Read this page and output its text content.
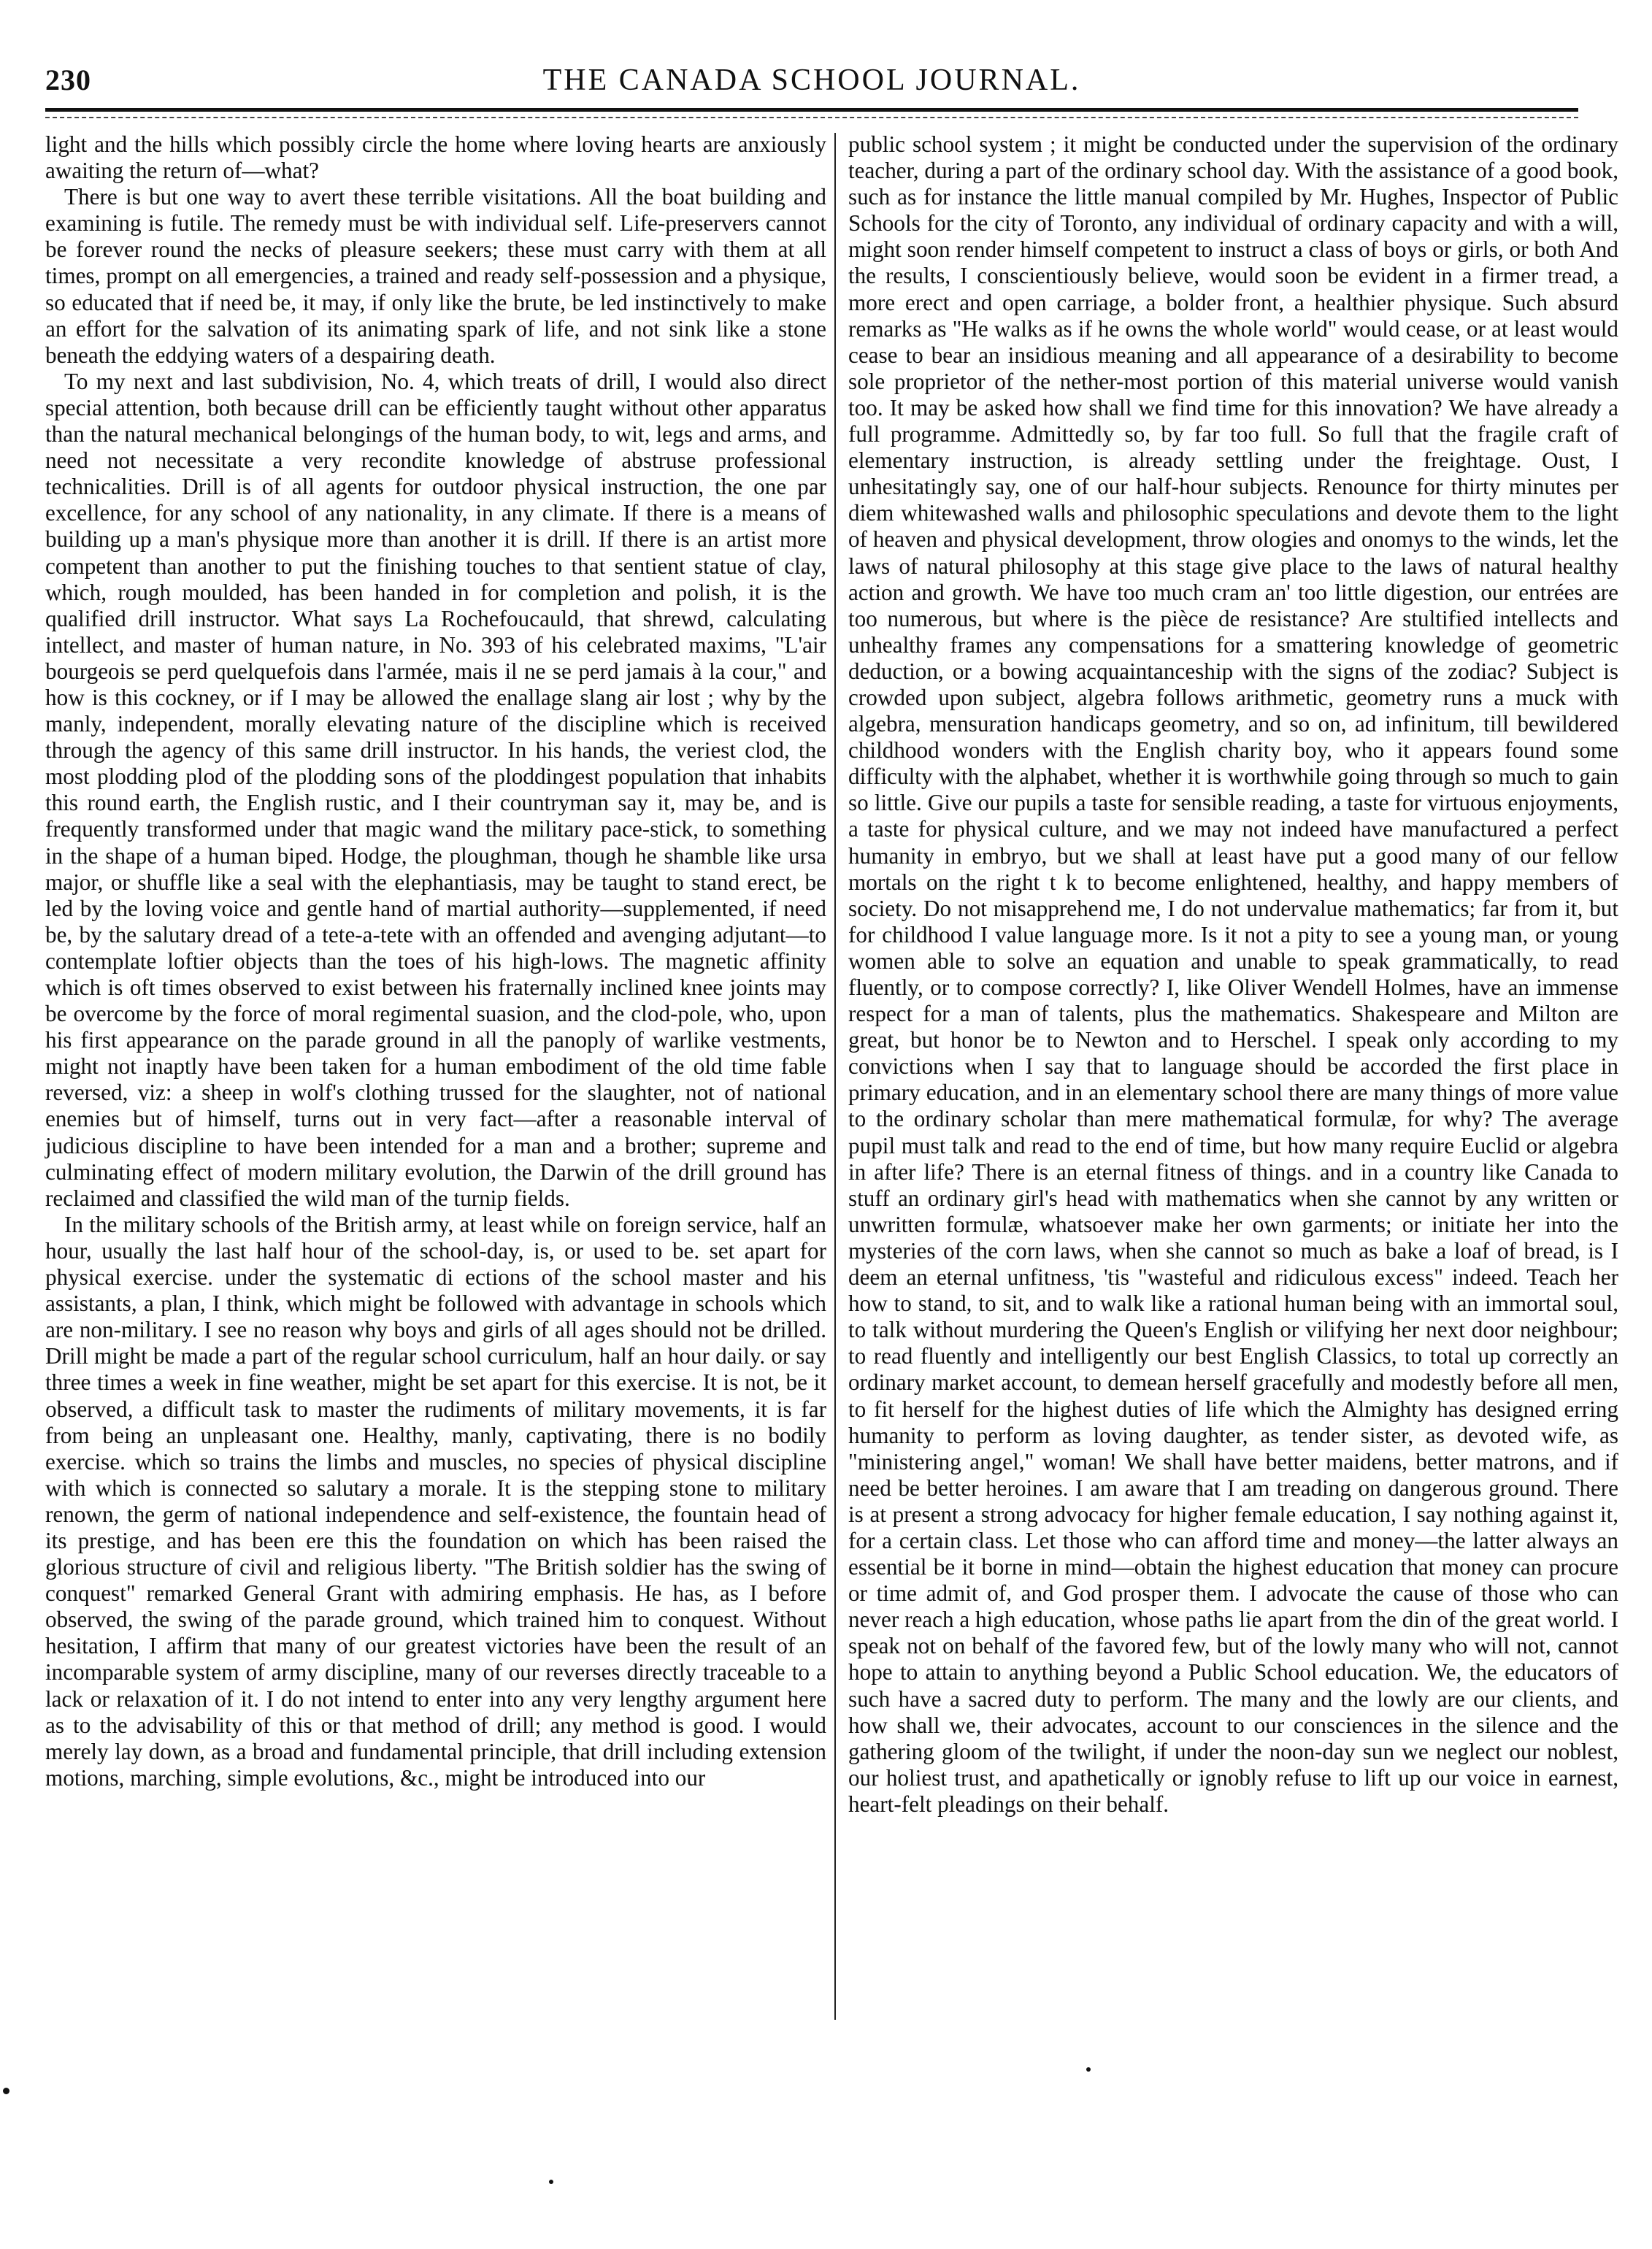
230	THE CANADA SCHOOL JOURNAL.

light and the hills which possibly circle the home where loving hearts are anxiously awaiting the return of—what?

There is but one way to avert these terrible visitations. All the boat building and examining is futile. The remedy must be with individual self. Life-preservers cannot be forever round the necks of pleasure seekers; these must carry with them at all times, prompt on all emergencies, a trained and ready self-possession and a physique, so educated that if need be, it may, if only like the brute, be led instinctively to make an effort for the salvation of its animating spark of life, and not sink like a stone beneath the eddying waters of a despairing death.

To my next and last subdivision, No. 4, which treats of drill, I would also direct special attention, both because drill can be efficiently taught without other apparatus than the natural mechanical belongings of the human body, to wit, legs and arms, and need not necessitate a very recondite knowledge of abstruse professional technicalities. Drill is of all agents for outdoor physical instruction, the one par excellence, for any school of any nationality, in any climate. If there is a means of building up a man's physique more than another it is drill. If there is an artist more competent than another to put the finishing touches to that sentient statue of clay, which, rough moulded, has been handed in for completion and polish, it is the qualified drill instructor. What says La Rochefoucauld, that shrewd, calculating intellect, and master of human nature, in No. 393 of his celebrated maxims, "L'air bourgeois se perd quelquefois dans l'armée, mais il ne se perd jamais à la cour," and how is this cockney, or if I may be allowed the enallage slang air lost ; why by the manly, independent, morally elevating nature of the discipline which is received through the agency of this same drill instructor. In his hands, the veriest clod, the most plodding plod of the plodding sons of the ploddingest population that inhabits this round earth, the English rustic, and I their countryman say it, may be, and is frequently transformed under that magic wand the military pace-stick, to something in the shape of a human biped. Hodge, the ploughman, though he shamble like ursa major, or shuffle like a seal with the elephantiasis, may be taught to stand erect, be led by the loving voice and gentle hand of martial authority—supplemented, if need be, by the salutary dread of a tete-a-tete with an offended and avenging adjutant—to contemplate loftier objects than the toes of his high-lows. The magnetic affinity which is oft times observed to exist between his fraternally inclined knee joints may be overcome by the force of moral regimental suasion, and the clod-pole, who, upon his first appearance on the parade ground in all the panoply of warlike vestments, might not inaptly have been taken for a human embodiment of the old time fable reversed, viz: a sheep in wolf's clothing trussed for the slaughter, not of national enemies but of himself, turns out in very fact—after a reasonable interval of judicious discipline to have been intended for a man and a brother; supreme and culminating effect of modern military evolution, the Darwin of the drill ground has reclaimed and classified the wild man of the turnip fields.

In the military schools of the British army, at least while on foreign service, half an hour, usually the last half hour of the school-day, is, or used to be. set apart for physical exercise. under the systematic di ections of the school master and his assistants, a plan, I think, which might be followed with advantage in schools which are non-military. I see no reason why boys and girls of all ages should not be drilled. Drill might be made a part of the regular school curriculum, half an hour daily. or say three times a week in fine weather, might be set apart for this exercise. It is not, be it observed, a difficult task to master the rudiments of military movements, it is far from being an unpleasant one. Healthy, manly, captivating, there is no bodily exercise. which so trains the limbs and muscles, no species of physical discipline with which is connected so salutary a morale. It is the stepping stone to military renown, the germ of national independence and self-existence, the fountain head of its prestige, and has been ere this the foundation on which has been raised the glorious structure of civil and religious liberty. "The British soldier has the swing of conquest" remarked General Grant with admiring emphasis. He has, as I before observed, the swing of the parade ground, which trained him to conquest. Without hesitation, I affirm that many of our greatest victories have been the result of an incomparable system of army discipline, many of our reverses directly traceable to a lack or relaxation of it. I do not intend to enter into any very lengthy argument here as to the advisability of this or that method of drill; any method is good. I would merely lay down, as a broad and fundamental principle, that drill including extension motions, marching, simple evolutions, &c., might be introduced into our

public school system ; it might be conducted under the supervision of the ordinary teacher, during a part of the ordinary school day. With the assistance of a good book, such as for instance the little manual compiled by Mr. Hughes, Inspector of Public Schools for the city of Toronto, any individual of ordinary capacity and with a will, might soon render himself competent to instruct a class of boys or girls, or both And the results, I conscientiously believe, would soon be evident in a firmer tread, a more erect and open carriage, a bolder front, a healthier physique. Such absurd remarks as "He walks as if he owns the whole world" would cease, or at least would cease to bear an insidious meaning and all appearance of a desirability to become sole proprietor of the nether-most portion of this material universe would vanish too. It may be asked how shall we find time for this innovation? We have already a full programme. Admittedly so, by far too full. So full that the fragile craft of elementary instruction, is already settling under the freightage. Oust, I unhesitatingly say, one of our half-hour subjects. Renounce for thirty minutes per diem whitewashed walls and philosophic speculations and devote them to the light of heaven and physical development, throw ologies and onomys to the winds, let the laws of natural philosophy at this stage give place to the laws of natural healthy action and growth. We have too much cram an' too little digestion, our entrées are too numerous, but where is the pièce de resistance? Are stultified intellects and unhealthy frames any compensations for a smattering knowledge of geometric deduction, or a bowing acquaintanceship with the signs of the zodiac? Subject is crowded upon subject, algebra follows arithmetic, geometry runs a muck with algebra, mensuration handicaps geometry, and so on, ad infinitum, till bewildered childhood wonders with the English charity boy, who it appears found some difficulty with the alphabet, whether it is worthwhile going through so much to gain so little. Give our pupils a taste for sensible reading, a taste for virtuous enjoyments, a taste for physical culture, and we may not indeed have manufactured a perfect humanity in embryo, but we shall at least have put a good many of our fellow mortals on the right t k to become enlightened, healthy, and happy members of society. Do not misapprehend me, I do not undervalue mathematics; far from it, but for childhood I value language more. Is it not a pity to see a young man, or young women able to solve an equation and unable to speak grammatically, to read fluently, or to compose correctly? I, like Oliver Wendell Holmes, have an immense respect for a man of talents, plus the mathematics. Shakespeare and Milton are great, but honor be to Newton and to Herschel. I speak only according to my convictions when I say that to language should be accorded the first place in primary education, and in an elementary school there are many things of more value to the ordinary scholar than mere mathematical formulæ, for why? The average pupil must talk and read to the end of time, but how many require Euclid or algebra in after life? There is an eternal fitness of things. and in a country like Canada to stuff an ordinary girl's head with mathematics when she cannot by any written or unwritten formulæ, whatsoever make her own garments; or initiate her into the mysteries of the corn laws, when she cannot so much as bake a loaf of bread, is I deem an eternal unfitness, 'tis "wasteful and ridiculous excess" indeed. Teach her how to stand, to sit, and to walk like a rational human being with an immortal soul, to talk without murdering the Queen's English or vilifying her next door neighbour; to read fluently and intelligently our best English Classics, to total up correctly an ordinary market account, to demean herself gracefully and modestly before all men, to fit herself for the highest duties of life which the Almighty has designed erring humanity to perform as loving daughter, as tender sister, as devoted wife, as "ministering angel," woman! We shall have better maidens, better matrons, and if need be better heroines. I am aware that I am treading on dangerous ground. There is at present a strong advocacy for higher female education, I say nothing against it, for a certain class. Let those who can afford time and money—the latter always an essential be it borne in mind—obtain the highest education that money can procure or time admit of, and God prosper them. I advocate the cause of those who can never reach a high education, whose paths lie apart from the din of the great world. I speak not on behalf of the favored few, but of the lowly many who will not, cannot hope to attain to anything beyond a Public School education. We, the educators of such have a sacred duty to perform. The many and the lowly are our clients, and how shall we, their advocates, account to our consciences in the silence and the gathering gloom of the twilight, if under the noon-day sun we neglect our noblest, our holiest trust, and apathetically or ignobly refuse to lift up our voice in earnest, heart-felt pleadings on their behalf.
